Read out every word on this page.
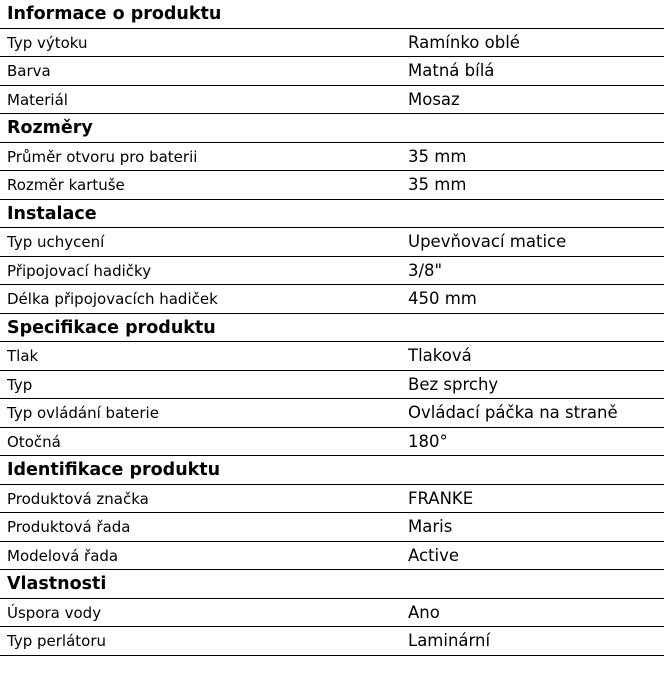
Informace o produktu
Typ výtoku	Ramínko oblé
Barva	Matná bílá
Materiál	Mosaz
Rozměry
Průměr otvoru pro baterii	35 mm
Rozměr kartuše	35 mm
Instalace
Typ uchycení	Upevňovací matice
Připojovací hadičky	3/8"
Délka připojovacích hadiček	450 mm
Specifikace produktu
Tlak	Tlaková
Typ	Bez sprchy
Typ ovládání baterie	Ovládací páčka na straně
Otočná	180°
Identifikace produktu
Produktová značka	FRANKE
Produktová řada	Maris
Modelová řada	Active
Vlastnosti
Úspora vody	Ano
Typ perlátoru	Laminární
